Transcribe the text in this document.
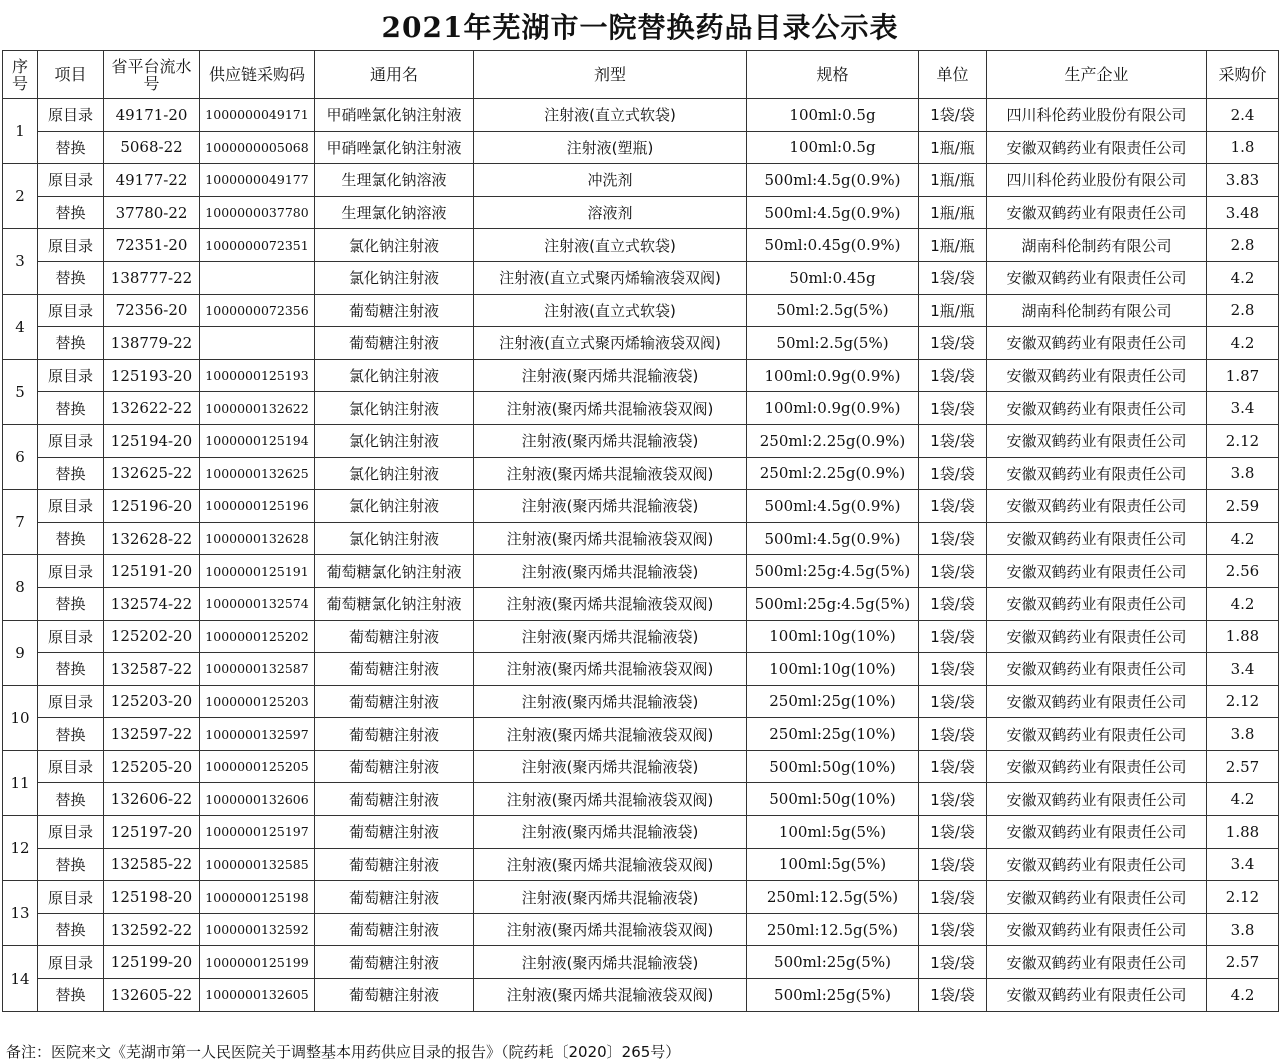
2021年芜湖市一院替换药品目录公示表
序号	项目	省平台流水号	供应链采购码	通用名	剂型	规格	单位	生产企业	采购价
1	原目录	49171-20	1000000049171	甲硝唑氯化钠注射液	注射液(直立式软袋)	100ml:0.5g	1袋/袋	四川科伦药业股份有限公司	2.4
	替换	5068-22	1000000005068	甲硝唑氯化钠注射液	注射液(塑瓶)	100ml:0.5g	1瓶/瓶	安徽双鹤药业有限责任公司	1.8
2	原目录	49177-22	1000000049177	生理氯化钠溶液	冲洗剂	500ml:4.5g(0.9%)	1瓶/瓶	四川科伦药业股份有限公司	3.83
	替换	37780-22	1000000037780	生理氯化钠溶液	溶液剂	500ml:4.5g(0.9%)	1瓶/瓶	安徽双鹤药业有限责任公司	3.48
3	原目录	72351-20	1000000072351	氯化钠注射液	注射液(直立式软袋)	50ml:0.45g(0.9%)	1瓶/瓶	湖南科伦制药有限公司	2.8
	替换	138777-22		氯化钠注射液	注射液(直立式聚丙烯输液袋双阀)	50ml:0.45g	1袋/袋	安徽双鹤药业有限责任公司	4.2
4	原目录	72356-20	1000000072356	葡萄糖注射液	注射液(直立式软袋)	50ml:2.5g(5%)	1瓶/瓶	湖南科伦制药有限公司	2.8
	替换	138779-22		葡萄糖注射液	注射液(直立式聚丙烯输液袋双阀)	50ml:2.5g(5%)	1袋/袋	安徽双鹤药业有限责任公司	4.2
5	原目录	125193-20	1000000125193	氯化钠注射液	注射液(聚丙烯共混输液袋)	100ml:0.9g(0.9%)	1袋/袋	安徽双鹤药业有限责任公司	1.87
	替换	132622-22	1000000132622	氯化钠注射液	注射液(聚丙烯共混输液袋双阀)	100ml:0.9g(0.9%)	1袋/袋	安徽双鹤药业有限责任公司	3.4
6	原目录	125194-20	1000000125194	氯化钠注射液	注射液(聚丙烯共混输液袋)	250ml:2.25g(0.9%)	1袋/袋	安徽双鹤药业有限责任公司	2.12
	替换	132625-22	1000000132625	氯化钠注射液	注射液(聚丙烯共混输液袋双阀)	250ml:2.25g(0.9%)	1袋/袋	安徽双鹤药业有限责任公司	3.8
7	原目录	125196-20	1000000125196	氯化钠注射液	注射液(聚丙烯共混输液袋)	500ml:4.5g(0.9%)	1袋/袋	安徽双鹤药业有限责任公司	2.59
	替换	132628-22	1000000132628	氯化钠注射液	注射液(聚丙烯共混输液袋双阀)	500ml:4.5g(0.9%)	1袋/袋	安徽双鹤药业有限责任公司	4.2
8	原目录	125191-20	1000000125191	葡萄糖氯化钠注射液	注射液(聚丙烯共混输液袋)	500ml:25g:4.5g(5%)	1袋/袋	安徽双鹤药业有限责任公司	2.56
	替换	132574-22	1000000132574	葡萄糖氯化钠注射液	注射液(聚丙烯共混输液袋双阀)	500ml:25g:4.5g(5%)	1袋/袋	安徽双鹤药业有限责任公司	4.2
9	原目录	125202-20	1000000125202	葡萄糖注射液	注射液(聚丙烯共混输液袋)	100ml:10g(10%)	1袋/袋	安徽双鹤药业有限责任公司	1.88
	替换	132587-22	1000000132587	葡萄糖注射液	注射液(聚丙烯共混输液袋双阀)	100ml:10g(10%)	1袋/袋	安徽双鹤药业有限责任公司	3.4
10	原目录	125203-20	1000000125203	葡萄糖注射液	注射液(聚丙烯共混输液袋)	250ml:25g(10%)	1袋/袋	安徽双鹤药业有限责任公司	2.12
	替换	132597-22	1000000132597	葡萄糖注射液	注射液(聚丙烯共混输液袋双阀)	250ml:25g(10%)	1袋/袋	安徽双鹤药业有限责任公司	3.8
11	原目录	125205-20	1000000125205	葡萄糖注射液	注射液(聚丙烯共混输液袋)	500ml:50g(10%)	1袋/袋	安徽双鹤药业有限责任公司	2.57
	替换	132606-22	1000000132606	葡萄糖注射液	注射液(聚丙烯共混输液袋双阀)	500ml:50g(10%)	1袋/袋	安徽双鹤药业有限责任公司	4.2
12	原目录	125197-20	1000000125197	葡萄糖注射液	注射液(聚丙烯共混输液袋)	100ml:5g(5%)	1袋/袋	安徽双鹤药业有限责任公司	1.88
	替换	132585-22	1000000132585	葡萄糖注射液	注射液(聚丙烯共混输液袋双阀)	100ml:5g(5%)	1袋/袋	安徽双鹤药业有限责任公司	3.4
13	原目录	125198-20	1000000125198	葡萄糖注射液	注射液(聚丙烯共混输液袋)	250ml:12.5g(5%)	1袋/袋	安徽双鹤药业有限责任公司	2.12
	替换	132592-22	1000000132592	葡萄糖注射液	注射液(聚丙烯共混输液袋双阀)	250ml:12.5g(5%)	1袋/袋	安徽双鹤药业有限责任公司	3.8
14	原目录	125199-20	1000000125199	葡萄糖注射液	注射液(聚丙烯共混输液袋)	500ml:25g(5%)	1袋/袋	安徽双鹤药业有限责任公司	2.57
	替换	132605-22	1000000132605	葡萄糖注射液	注射液(聚丙烯共混输液袋双阀)	500ml:25g(5%)	1袋/袋	安徽双鹤药业有限责任公司	4.2
备注：医院来文《芜湖市第一人民医院关于调整基本用药供应目录的报告》（院药耗〔2020〕265号）
